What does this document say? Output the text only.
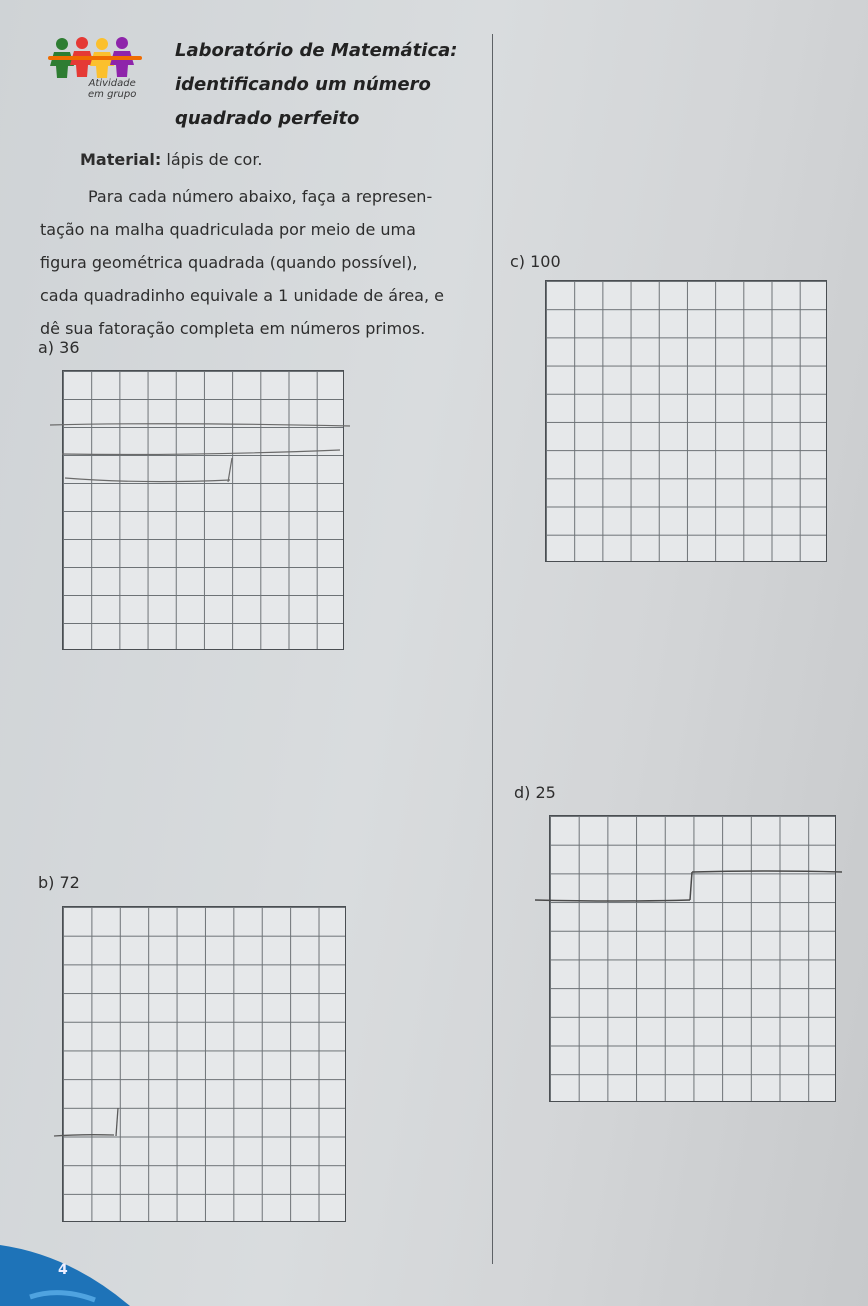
Atividade
em grupo
Laboratório de Matemática:
identificando um número
quadrado perfeito
Material: lápis de cor.
Para cada número abaixo, faça a represen-
tação na malha quadriculada por meio de uma
figura geométrica quadrada (quando possível),
cada quadradinho equivale a 1 unidade de área, e
dê sua fatoração completa em números primos.
a) 36
b) 72
c) 100
d) 25
4
